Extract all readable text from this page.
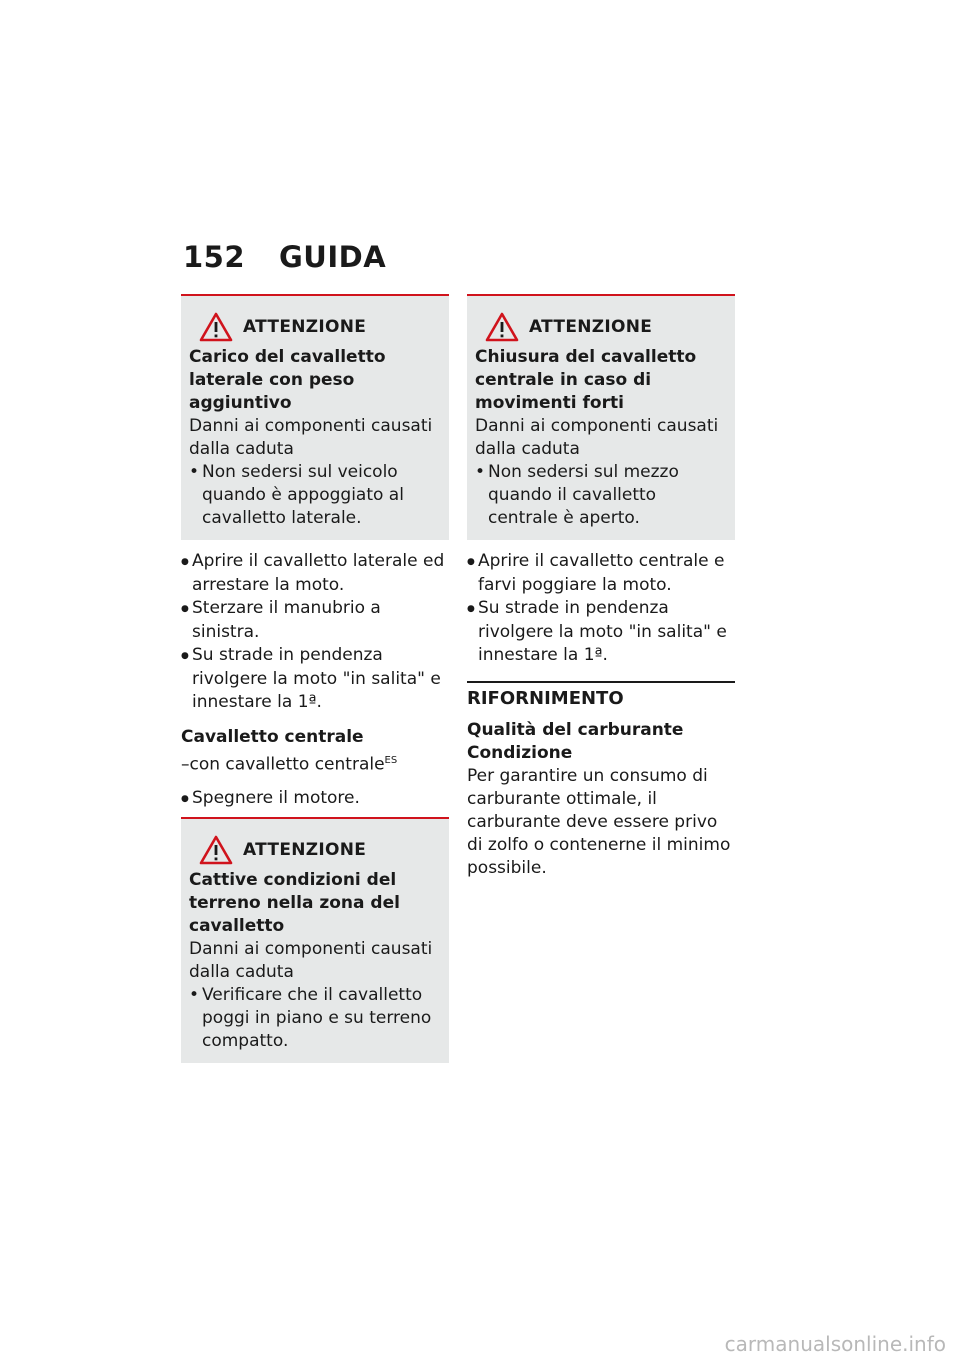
152 GUIDA
ATTENZIONE
Carico del cavalletto laterale con peso aggiuntivo
Danni ai componenti causati dalla caduta
• Non sedersi sul veicolo quando è appoggiato al cavalletto laterale.
● Aprire il cavalletto laterale ed arrestare la moto.
● Sterzare il manubrio a sinistra.
● Su strade in pendenza rivolgere la moto "in salita" e innestare la 1ª.
Cavalletto centrale
–con cavalletto centrale$^{ES}$
● Spegnere il motore.
ATTENZIONE
Cattive condizioni del terreno nella zona del cavalletto
Danni ai componenti causati dalla caduta
• Verificare che il cavalletto poggi in piano e su terreno compatto.
ATTENZIONE
Chiusura del cavalletto centrale in caso di movimenti forti
Danni ai componenti causati dalla caduta
• Non sedersi sul mezzo quando il cavalletto centrale è aperto.
● Aprire il cavalletto centrale e farvi poggiare la moto.
● Su strade in pendenza rivolgere la moto "in salita" e innestare la 1ª.
RIFORNIMENTO
Qualità del carburante
Condizione
Per garantire un consumo di carburante ottimale, il carburante deve essere privo di zolfo o contenerne il minimo possibile.
carmanualsonline.info
